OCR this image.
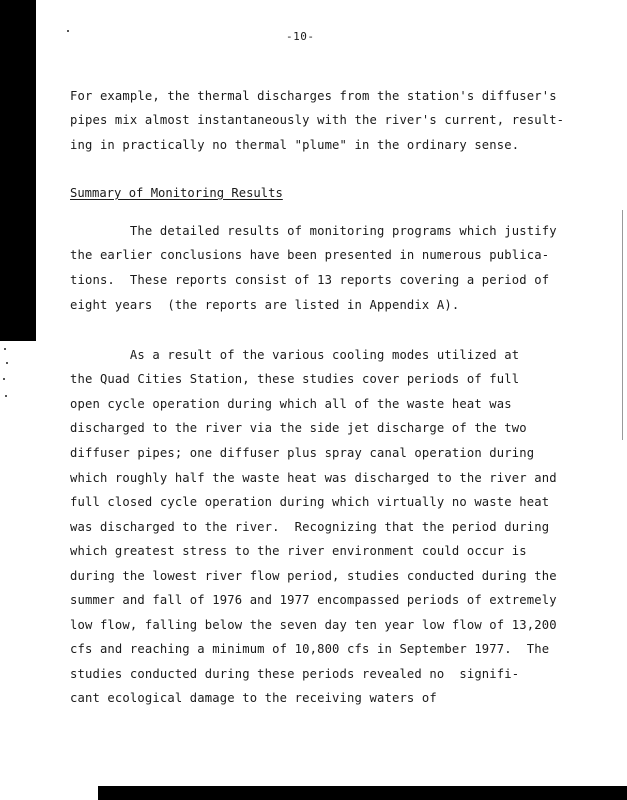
-10-
For example, the thermal discharges from the station's diffuser's
pipes mix almost instantaneously with the river's current, result-
ing in practically no thermal "plume" in the ordinary sense.
Summary of Monitoring Results
The detailed results of monitoring programs which justify
the earlier conclusions have been presented in numerous publica-
tions.  These reports consist of 13 reports covering a period of
eight years  (the reports are listed in Appendix A).
As a result of the various cooling modes utilized at
the Quad Cities Station, these studies cover periods of full
open cycle operation during which all of the waste heat was
discharged to the river via the side jet discharge of the two
diffuser pipes; one diffuser plus spray canal operation during
which roughly half the waste heat was discharged to the river and
full closed cycle operation during which virtually no waste heat
was discharged to the river.  Recognizing that the period during
which greatest stress to the river environment could occur is
during the lowest river flow period, studies conducted during the
summer and fall of 1976 and 1977 encompassed periods of extremely
low flow, falling below the seven day ten year low flow of 13,200
cfs and reaching a minimum of 10,800 cfs in September 1977.  The
studies conducted during these periods revealed no  signifi-
cant ecological damage to the receiving waters of
